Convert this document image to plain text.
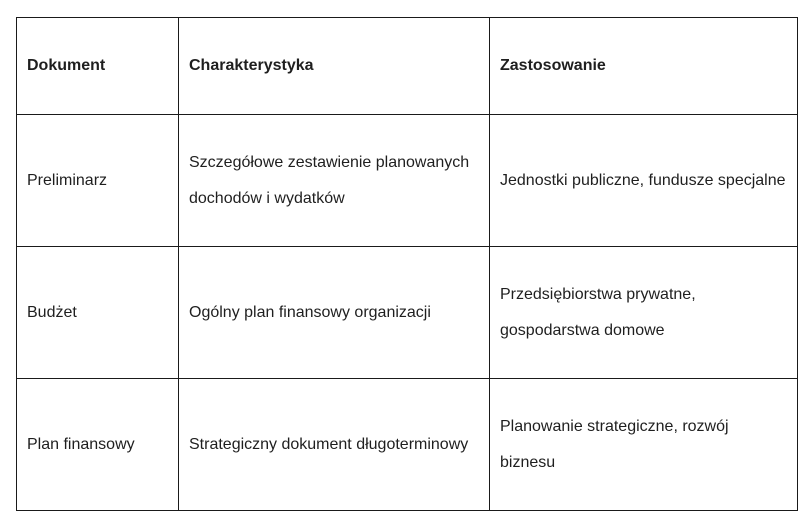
Dokument	Charakterystyka	Zastosowanie
Preliminarz	Szczegółowe zestawienie planowanych dochodów i wydatków	Jednostki publiczne, fundusze specjalne
Budżet	Ogólny plan finansowy organizacji	Przedsiębiorstwa prywatne, gospodarstwa domowe
Plan finansowy	Strategiczny dokument długoterminowy	Planowanie strategiczne, rozwój biznesu
